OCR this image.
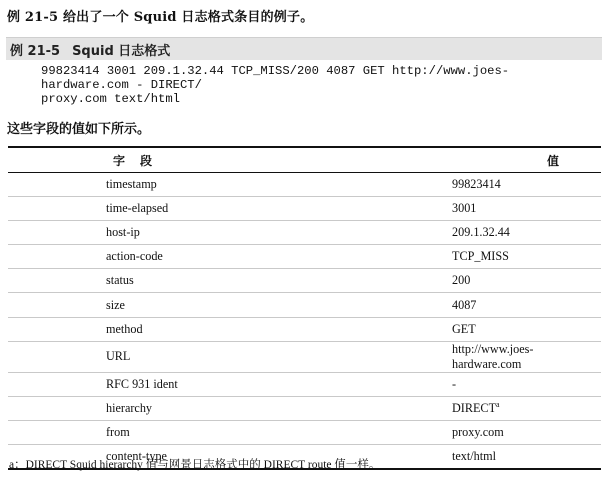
例 21-5 给出了一个 Squid 日志格式条目的例子。
例 21-5 Squid 日志格式
99823414 3001 209.1.32.44 TCP_MISS/200 4087 GET http://www.joes-
hardware.com - DIRECT/
proxy.com text/html
这些字段的值如下所示。
字段	值
timestamp	99823414
time-elapsed	3001
host-ip	209.1.32.44
action-code	TCP_MISS
status	200
size	4087
method	GET
URL	http://www.joes-hardware.com
RFC 931 ident	-
hierarchy	DIRECT$^a$
from	proxy.com
content-type	text/html
a：DIRECT Squid hierarchy 值与网景日志格式中的 DIRECT route 值一样。
